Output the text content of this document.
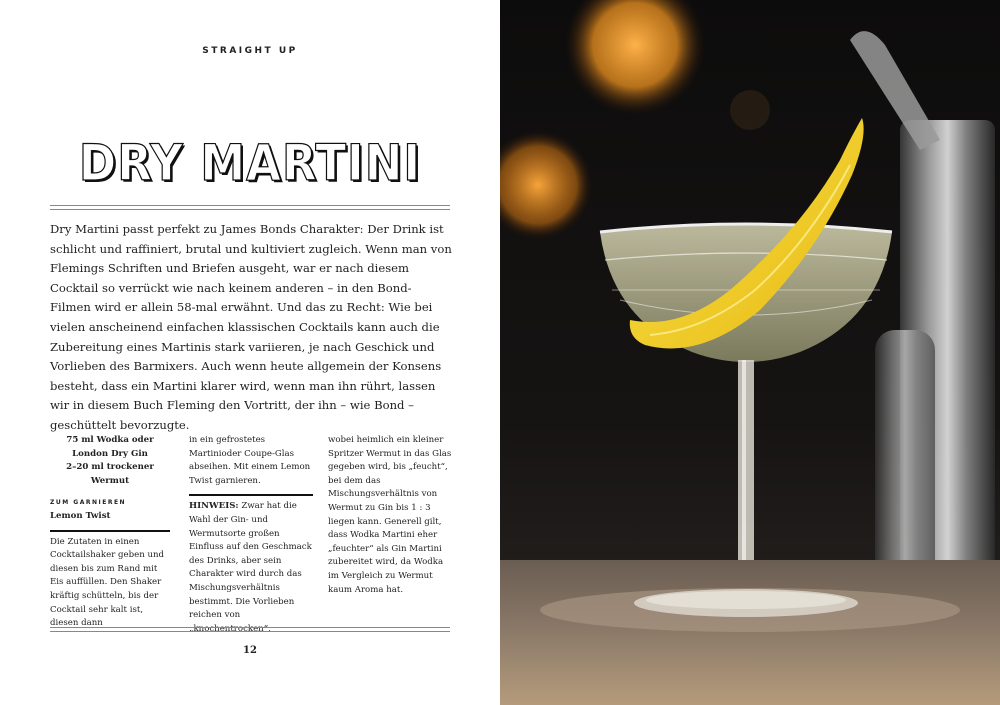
STRAIGHT UP
DRY MARTINI
Dry Martini passt perfekt zu James Bonds Charakter: Der Drink ist schlicht und raffiniert, brutal und kultiviert zugleich. Wenn man von Flemings Schriften und Briefen ausgeht, war er nach diesem Cocktail so verrückt wie nach keinem anderen – in den Bond-Filmen wird er allein 58-mal erwähnt. Und das zu Recht: Wie bei vielen anscheinend einfachen klassischen Cocktails kann auch die Zubereitung eines Martinis stark variieren, je nach Geschick und Vorlieben des Barmixers. Auch wenn heute allgemein der Konsens besteht, dass ein Martini klarer wird, wenn man ihn rührt, lassen wir in diesem Buch Fleming den Vortritt, der ihn – wie Bond – geschüttelt bevorzugte.
75 ml Wodka oder London Dry Gin
2–20 ml trockener Wermut
ZUM GARNIEREN
Lemon Twist
Die Zutaten in einen Cocktailshaker geben und diesen bis zum Rand mit Eis auffüllen. Den Shaker kräftig schütteln, bis der Cocktail sehr kalt ist, diesen dann
in ein gefrostetes Martinioder Coupe-Glas abseihen. Mit einem Lemon Twist garnieren.
HINWEIS: Zwar hat die Wahl der Gin- und Wermutsorte großen Einfluss auf den Geschmack des Drinks, aber sein Charakter wird durch das Mischungsverhältnis bestimmt. Die Vorlieben reichen von „knochentrocken“,
wobei heimlich ein kleiner Spritzer Wermut in das Glas gegeben wird, bis „feucht“, bei dem das Mischungsverhältnis von Wermut zu Gin bis 1 : 3 liegen kann. Generell gilt, dass Wodka Martini eher „feuchter“ als Gin Martini zubereitet wird, da Wodka im Vergleich zu Wermut kaum Aroma hat.
12
